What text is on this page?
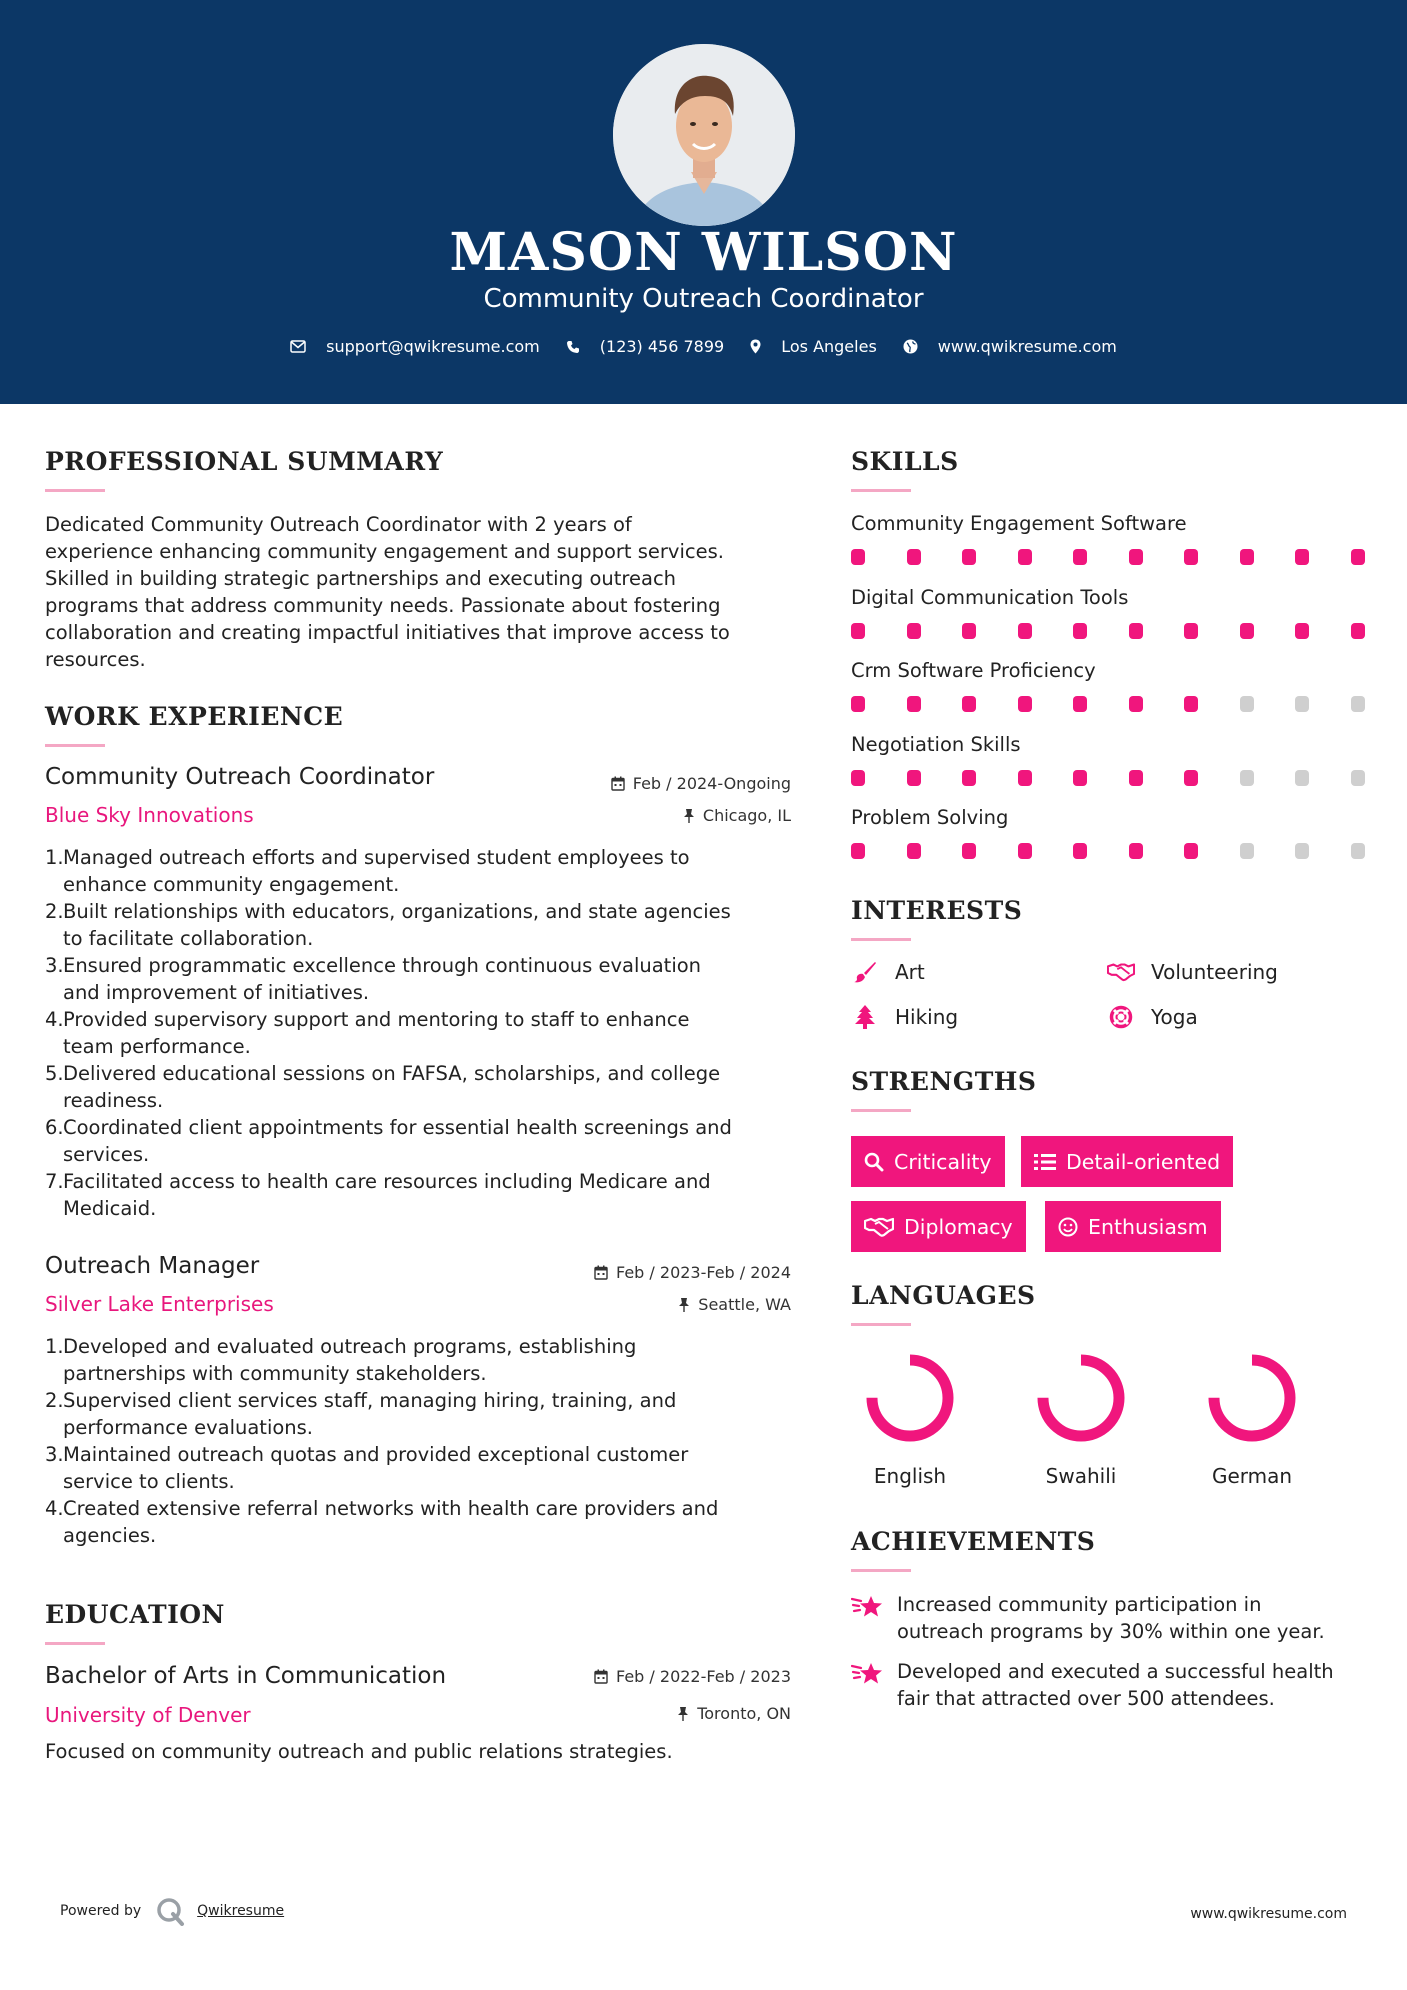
MASON WILSON
Community Outreach Coordinator
support@qwikresume.com	(123) 456 7899	Los Angeles	www.qwikresume.com
PROFESSIONAL SUMMARY
Dedicated Community Outreach Coordinator with 2 years of
experience enhancing community engagement and support services.
Skilled in building strategic partnerships and executing outreach
programs that address community needs. Passionate about fostering
collaboration and creating impactful initiatives that improve access to
resources.
WORK EXPERIENCE
Community Outreach Coordinator
Blue Sky Innovations
Feb / 2024-Ongoing
Chicago, IL
1. Managed outreach efforts and supervised student employees to
enhance community engagement.
2. Built relationships with educators, organizations, and state agencies
to facilitate collaboration.
3. Ensured programmatic excellence through continuous evaluation
and improvement of initiatives.
4. Provided supervisory support and mentoring to staff to enhance
team performance.
5. Delivered educational sessions on FAFSA, scholarships, and college
readiness.
6. Coordinated client appointments for essential health screenings and
services.
7. Facilitated access to health care resources including Medicare and
Medicaid.
Outreach Manager
Silver Lake Enterprises
Feb / 2023-Feb / 2024
Seattle, WA
1. Developed and evaluated outreach programs, establishing
partnerships with community stakeholders.
2. Supervised client services staff, managing hiring, training, and
performance evaluations.
3. Maintained outreach quotas and provided exceptional customer
service to clients.
4. Created extensive referral networks with health care providers and
agencies.
EDUCATION
Bachelor of Arts in Communication
University of Denver
Feb / 2022-Feb / 2023
Toronto, ON
Focused on community outreach and public relations strategies.
SKILLS
Community Engagement Software
Digital Communication Tools
Crm Software Proficiency
Negotiation Skills
Problem Solving
INTERESTS
Art	Volunteering
Hiking	Yoga
STRENGTHS
Criticality	Detail-oriented
Diplomacy	Enthusiasm
LANGUAGES
English	Swahili	German
ACHIEVEMENTS
Increased community participation in
outreach programs by 30% within one year.
Developed and executed a successful health
fair that attracted over 500 attendees.
Powered by	Qwikresume	www.qwikresume.com
